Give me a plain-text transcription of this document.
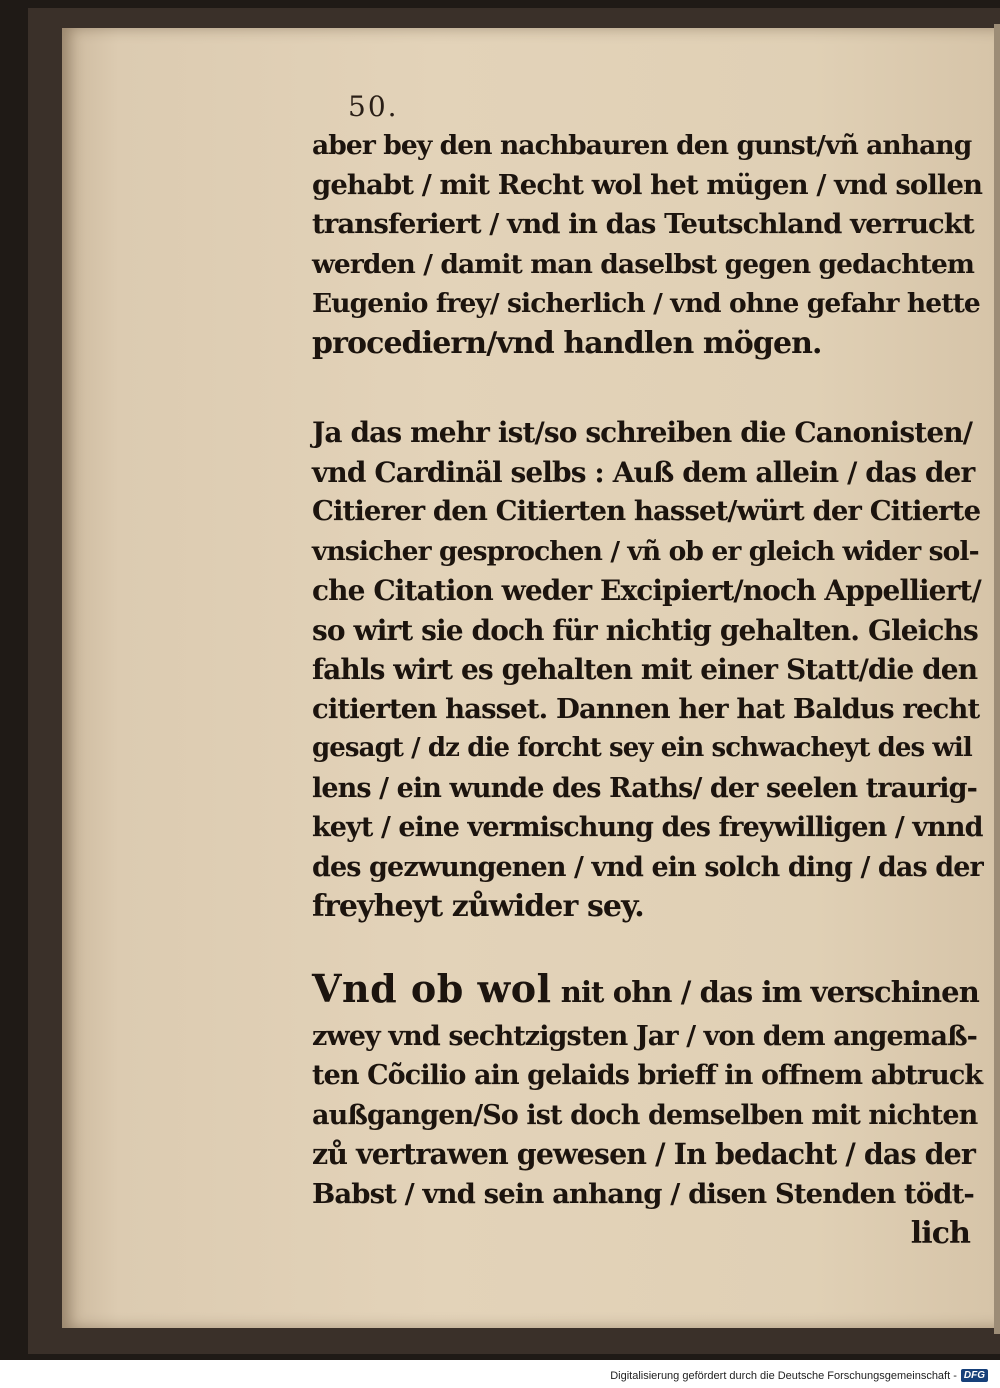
50.
aber bey den nachbauren den gunst/vñ anhang
gehabt / mit Recht wol het mügen / vnd sollen
transferiert / vnd in das Teutschland verruckt
werden / damit man daselbst gegen gedachtem
Eugenio frey/ sicherlich / vnd ohne gefahr hette
procediern/vnd handlen mögen.
Ja das mehr ist/so schreiben die Canonisten/
vnd Cardinäl selbs : Auß dem allein / das der
Citierer den Citierten hasset/würt der Citierte
vnsicher gesprochen / vñ ob er gleich wider sol-
che Citation weder Excipiert/noch Appelliert/
so wirt sie doch für nichtig gehalten. Gleichs
fahls wirt es gehalten mit einer Statt/die den
citierten hasset. Dannen her hat Baldus recht
gesagt / dz die forcht sey ein schwacheyt des wil
lens / ein wunde des Raths/ der seelen traurig-
keyt / eine vermischung des freywilligen / vnnd
des gezwungenen / vnd ein solch ding / das der
freyheyt zůwider sey.
Vnd ob wol nit ohn / das im verschinen
zwey vnd sechtzigsten Jar / von dem angemaß-
ten Cõcilio ain gelaids brieff in offnem abtruck
außgangen/So ist doch demselben mit nichten
zů vertrawen gewesen / In bedacht / das der
Babst / vnd sein anhang / disen Stenden tödt-
lich
Digitalisierung gefördert durch die Deutsche Forschungsgemeinschaft - DFG
